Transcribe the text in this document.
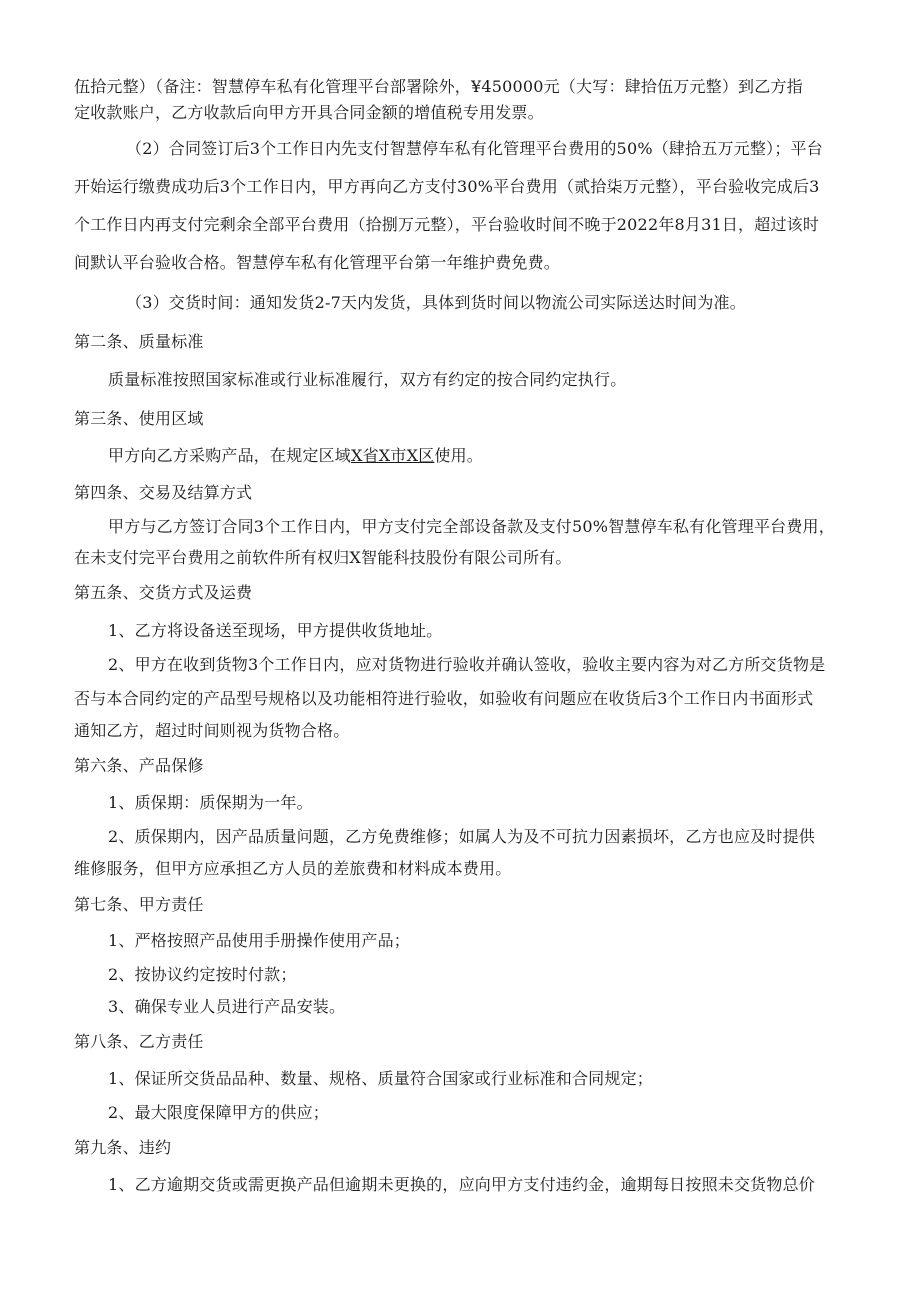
伍拾元整）（备注：智慧停车私有化管理平台部署除外，¥450000元（大写：肆拾伍万元整）到乙方指
定收款账户，乙方收款后向甲方开具合同金额的增值税专用发票。
（2）合同签订后3个工作日内先支付智慧停车私有化管理平台费用的50%（肆拾五万元整）；平台
开始运行缴费成功后3个工作日内，甲方再向乙方支付30%平台费用（贰拾柒万元整），平台验收完成后3
个工作日内再支付完剩余全部平台费用（拾捌万元整），平台验收时间不晚于2022年8月31日，超过该时
间默认平台验收合格。智慧停车私有化管理平台第一年维护费免费。
（3）交货时间：通知发货2-7天内发货，具体到货时间以物流公司实际送达时间为准。
第二条、质量标准
质量标准按照国家标准或行业标准履行，双方有约定的按合同约定执行。
第三条、使用区域
甲方向乙方采购产品，在规定区域X省X市X区使用。
第四条、交易及结算方式
甲方与乙方签订合同3个工作日内，甲方支付完全部设备款及支付50%智慧停车私有化管理平台费用，
在未支付完平台费用之前软件所有权归X智能科技股份有限公司所有。
第五条、交货方式及运费
1、乙方将设备送至现场，甲方提供收货地址。
2、甲方在收到货物3个工作日内，应对货物进行验收并确认签收，验收主要内容为对乙方所交货物是
否与本合同约定的产品型号规格以及功能相符进行验收，如验收有问题应在收货后3个工作日内书面形式
通知乙方，超过时间则视为货物合格。
第六条、产品保修
1、质保期：质保期为一年。
2、质保期内，因产品质量问题，乙方免费维修；如属人为及不可抗力因素损坏，乙方也应及时提供
维修服务，但甲方应承担乙方人员的差旅费和材料成本费用。
第七条、甲方责任
1、严格按照产品使用手册操作使用产品；
2、按协议约定按时付款；
3、确保专业人员进行产品安装。
第八条、乙方责任
1、保证所交货品品种、数量、规格、质量符合国家或行业标准和合同规定；
2、最大限度保障甲方的供应；
第九条、违约
1、乙方逾期交货或需更换产品但逾期未更换的，应向甲方支付违约金，逾期每日按照未交货物总价
